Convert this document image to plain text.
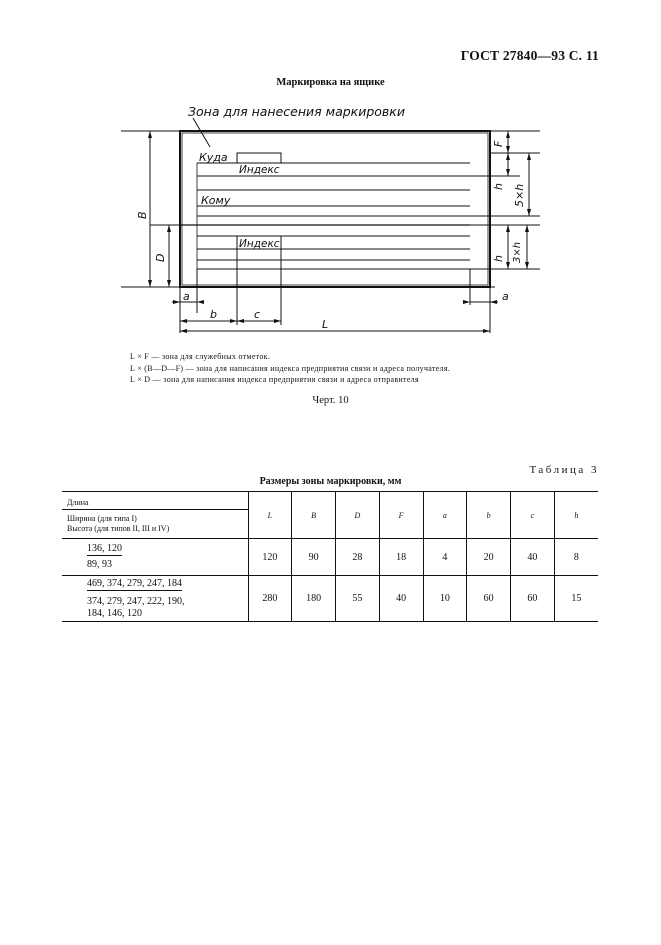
ГОСТ 27840—93 С. 11
Маркировка на ящике
Зона для нанесения маркировки
Куда
Индекс
Кому
Индекс
F
h 5×h
h 3×h
B
D
a	a
b	c
L
L × F — зона для служебных отметок.
L × (B—D—F) — зона для написания индекса предприятия связи и адреса получателя.
L × D — зона для написания индекса предприятия связи и адреса отправителя
Черт. 10
Таблица 3
Размеры зоны маркировки, мм
Длина
Ширина (для типа I)
Высота (для типов II, III и IV)	L	B	D	F	a	b	c	h

136, 120
89, 93	120	90	28	18	4	20	40	8

469, 374, 279, 247, 184
374, 279, 247, 222, 190,
184, 146, 120	280	180	55	40	10	60	60	15
